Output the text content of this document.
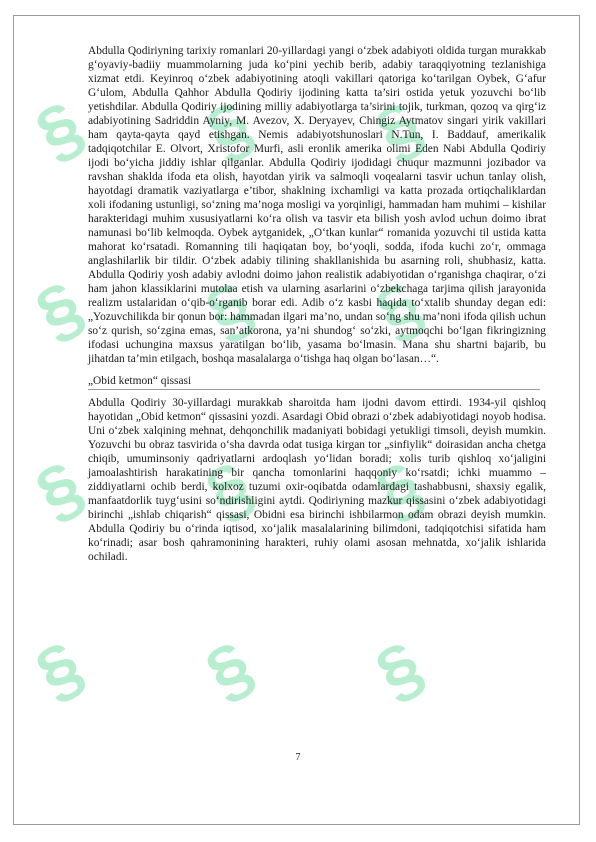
§ § §
§ § §
§ § §
§ § §

Abdulla Qodiriyning tarixiy romanlari 20-yillardagi yangi o‘zbek adabiyoti oldida turgan murakkab g‘oyaviy-badiiy muammolarning juda ko‘pini yechib berib, adabiy taraqqiyotning tezlanishiga xizmat etdi. Keyinroq o‘zbek adabiyotining atoqli vakillari qatoriga ko‘tarilgan Oybek, G‘afur G‘ulom, Abdulla Qahhor Abdulla Qodiriy ijodining katta ta’siri ostida yetuk yozuvchi bo‘lib yetishdilar. Abdulla Qodiriy ijodining milliy adabiyotlarga ta’sirini tojik, turkman, qozoq va qirg‘iz adabiyotining Sadriddin Ayniy, M. Avezov, X. Deryayev, Chingiz Aytmatov singari yirik vakillari ham qayta-qayta qayd etishgan. Nemis adabiyotshunoslari N.Tun, I. Baddauf, amerikalik tadqiqotchilar E. Olvort, Xristofor Murfi, asli eronlik amerika olimi Eden Nabi Abdulla Qodiriy ijodi bo‘yicha jiddiy ishlar qilganlar. Abdulla Qodiriy ijodidagi chuqur mazmunni jozibador va ravshan shaklda ifoda eta olish, hayotdan yirik va salmoqli voqealarni tasvir uchun tanlay olish, hayotdagi dramatik vaziyatlarga e’tibor, shaklning ixchamligi va katta prozada ortiqchaliklardan xoli ifodaning ustunligi, so‘zning ma’noga mosligi va yorqinligi, hammadan ham muhimi – kishilar harakteridagi muhim xususiyatlarni ko‘ra olish va tasvir eta bilish yosh avlod uchun doimo ibrat namunasi bo‘lib kelmoqda. Oybek aytganidek, „O‘tkan kunlar“ romanida yozuvchi til ustida katta mahorat ko‘rsatadi. Romanning tili haqiqatan boy, bo‘yoqli, sodda, ifoda kuchi zo‘r, ommaga anglashilarlik bir tildir. O‘zbek adabiy tilining shakllanishida bu asarning roli, shubhasiz, katta. Abdulla Qodiriy yosh adabiy avlodni doimo jahon realistik adabiyotidan o‘rganishga chaqirar, o‘zi ham jahon klassiklarini mutolaa etish va ularning asarlarini o‘zbekchaga tarjima qilish jarayonida realizm ustalaridan o‘qib-o‘rganib borar edi. Adib o‘z kasbi haqida to‘xtalib shunday degan edi: „Yozuvchilikda bir qonun bor: hammadan ilgari ma’no, undan so‘ng shu ma’noni ifoda qilish uchun so‘z qurish, so‘zgina emas, san’atkorona, ya’ni shundog‘ so‘zki, aytmoqchi bo‘lgan fikringizning ifodasi uchungina maxsus yaratilgan bo‘lib, yasama bo‘lmasin. Mana shu shartni bajarib, bu jihatdan ta’min etilgach, boshqa masalalarga o‘tishga haq olgan bo‘lasan…“.

„Obid ketmon“ qissasi

Abdulla Qodiriy 30-yillardagi murakkab sharoitda ham ijodni davom ettirdi. 1934-yil qishloq hayotidan „Obid ketmon“ qissasini yozdi. Asardagi Obid obrazi o‘zbek adabiyotidagi noyob hodisa. Uni o‘zbek xalqining mehnat, dehqonchilik madaniyati bobidagi yetukligi timsoli, deyish mumkin. Yozuvchi bu obraz tasvirida o‘sha davrda odat tusiga kirgan tor „sinfiylik“ doirasidan ancha chetga chiqib, umuminsoniy qadriyatlarni ardoqlash yo‘lidan boradi; xolis turib qishloq xo‘jaligini jamoalashtirish harakatining bir qancha tomonlarini haqqoniy ko‘rsatdi; ichki muammo – ziddiyatlarni ochib berdi, kolxoz tuzumi oxir-oqibatda odamlardagi tashabbusni, shaxsiy egalik, manfaatdorlik tuyg‘usini so‘ndirishligini aytdi. Qodiriyning mazkur qissasini o‘zbek adabiyotidagi birinchi „ishlab chiqarish“ qissasi, Obidni esa birinchi ishbilarmon odam obrazi deyish mumkin. Abdulla Qodiriy bu o‘rinda iqtisod, xo‘jalik masalalarining bilimdoni, tadqiqotchisi sifatida ham ko‘rinadi; asar bosh qahramonining harakteri, ruhiy olami asosan mehnatda, xo‘jalik ishlarida ochiladi.

7
